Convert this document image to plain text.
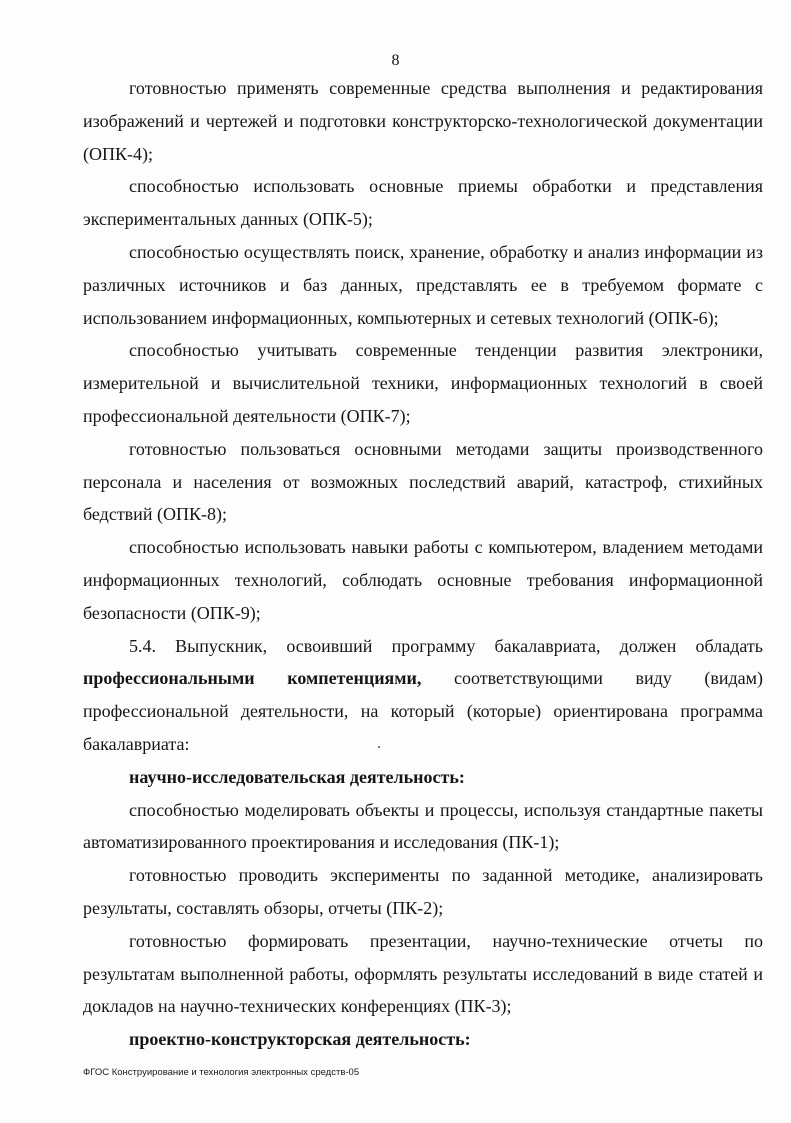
8

готовностью применять современные средства выполнения и редактирования изображений и чертежей и подготовки конструкторско-технологической документации (ОПК-4);

способностью использовать основные приемы обработки и представления экспериментальных данных (ОПК-5);

способностью осуществлять поиск, хранение, обработку и анализ информации из различных источников и баз данных, представлять ее в требуемом формате с использованием информационных, компьютерных и сетевых технологий (ОПК-6);

способностью учитывать современные тенденции развития электроники, измерительной и вычислительной техники, информационных технологий в своей профессиональной деятельности (ОПК-7);

готовностью пользоваться основными методами защиты производственного персонала и населения от возможных последствий аварий, катастроф, стихийных бедствий (ОПК-8);

способностью использовать навыки работы с компьютером, владением методами информационных технологий, соблюдать основные требования информационной безопасности (ОПК-9);

5.4. Выпускник, освоивший программу бакалавриата, должен обладать профессиональными компетенциями, соответствующими виду (видам) профессиональной деятельности, на который (которые) ориентирована программа бакалавриата:

научно-исследовательская деятельность:

способностью моделировать объекты и процессы, используя стандартные пакеты автоматизированного проектирования и исследования (ПК-1);

готовностью проводить эксперименты по заданной методике, анализировать результаты, составлять обзоры, отчеты (ПК-2);

готовностью формировать презентации, научно-технические отчеты по результатам выполненной работы, оформлять результаты исследований в виде статей и докладов на научно-технических конференциях (ПК-3);

проектно-конструкторская деятельность:

ФГОС Конструирование и технология электронных средств-05
